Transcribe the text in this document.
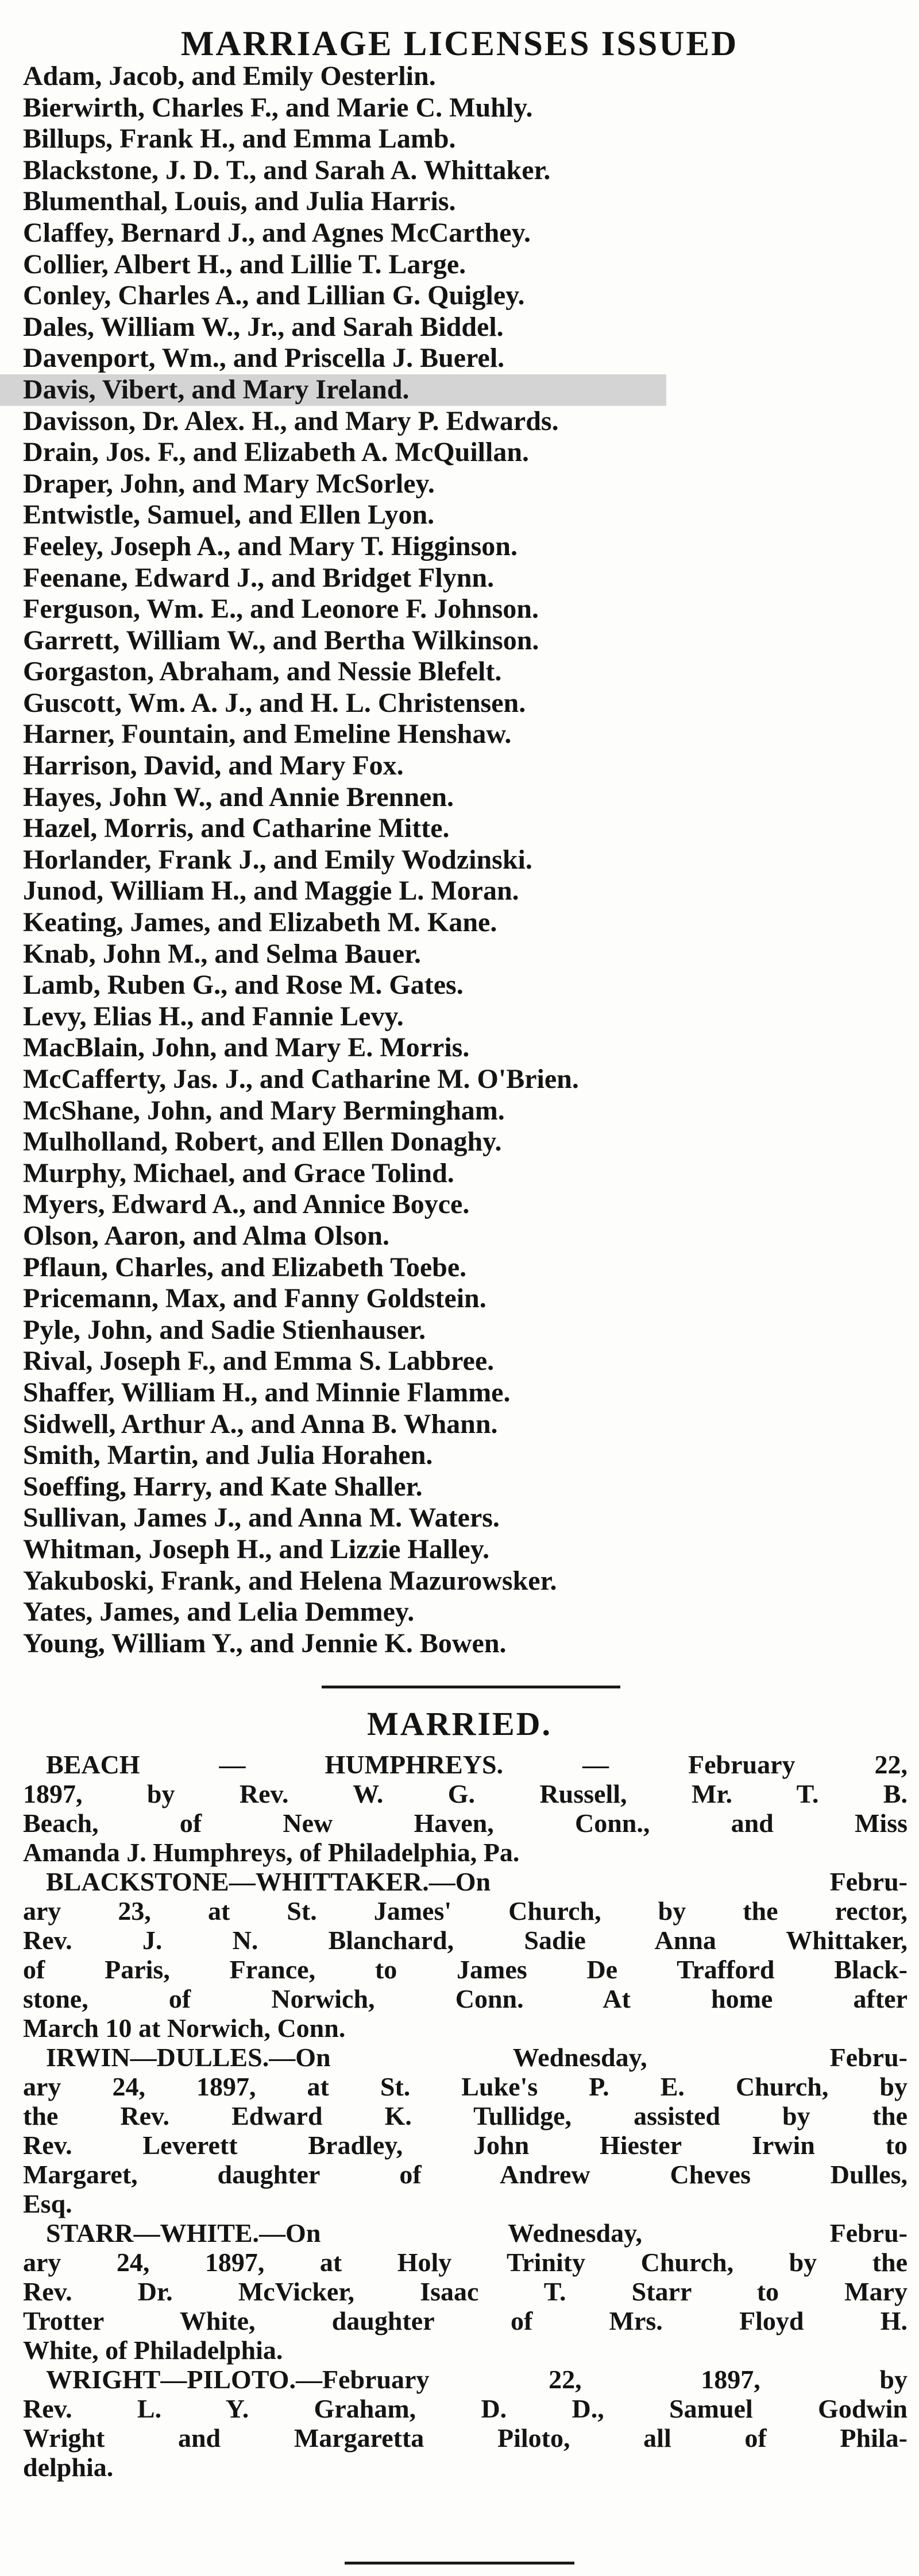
MARRIAGE LICENSES ISSUED
Adam, Jacob, and Emily Oesterlin.
Bierwirth, Charles F., and Marie C. Muhly.
Billups, Frank H., and Emma Lamb.
Blackstone, J. D. T., and Sarah A. Whittaker.
Blumenthal, Louis, and Julia Harris.
Claffey, Bernard J., and Agnes McCarthey.
Collier, Albert H., and Lillie T. Large.
Conley, Charles A., and Lillian G. Quigley.
Dales, William W., Jr., and Sarah Biddel.
Davenport, Wm., and Priscella J. Buerel.
Davis, Vibert, and Mary Ireland.
Davisson, Dr. Alex. H., and Mary P. Edwards.
Drain, Jos. F., and Elizabeth A. McQuillan.
Draper, John, and Mary McSorley.
Entwistle, Samuel, and Ellen Lyon.
Feeley, Joseph A., and Mary T. Higginson.
Feenane, Edward J., and Bridget Flynn.
Ferguson, Wm. E., and Leonore F. Johnson.
Garrett, William W., and Bertha Wilkinson.
Gorgaston, Abraham, and Nessie Blefelt.
Guscott, Wm. A. J., and H. L. Christensen.
Harner, Fountain, and Emeline Henshaw.
Harrison, David, and Mary Fox.
Hayes, John W., and Annie Brennen.
Hazel, Morris, and Catharine Mitte.
Horlander, Frank J., and Emily Wodzinski.
Junod, William H., and Maggie L. Moran.
Keating, James, and Elizabeth M. Kane.
Knab, John M., and Selma Bauer.
Lamb, Ruben G., and Rose M. Gates.
Levy, Elias H., and Fannie Levy.
MacBlain, John, and Mary E. Morris.
McCafferty, Jas. J., and Catharine M. O'Brien.
McShane, John, and Mary Bermingham.
Mulholland, Robert, and Ellen Donaghy.
Murphy, Michael, and Grace Tolind.
Myers, Edward A., and Annice Boyce.
Olson, Aaron, and Alma Olson.
Pflaun, Charles, and Elizabeth Toebe.
Pricemann, Max, and Fanny Goldstein.
Pyle, John, and Sadie Stienhauser.
Rival, Joseph F., and Emma S. Labbree.
Shaffer, William H., and Minnie Flamme.
Sidwell, Arthur A., and Anna B. Whann.
Smith, Martin, and Julia Horahen.
Soeffing, Harry, and Kate Shaller.
Sullivan, James J., and Anna M. Waters.
Whitman, Joseph H., and Lizzie Halley.
Yakuboski, Frank, and Helena Mazurowsker.
Yates, James, and Lelia Demmey.
Young, William Y., and Jennie K. Bowen.
MARRIED.
BEACH — HUMPHREYS. — February 22,
1897, by Rev. W. G. Russell, Mr. T. B.
Beach, of New Haven, Conn., and Miss
Amanda J. Humphreys, of Philadelphia, Pa.
BLACKSTONE—WHITTAKER.—On Febru-
ary 23, at St. James' Church, by the rector,
Rev. J. N. Blanchard, Sadie Anna Whittaker,
of Paris, France, to James De Trafford Black-
stone, of Norwich, Conn. At home after
March 10 at Norwich, Conn.
IRWIN—DULLES.—On Wednesday, Febru-
ary 24, 1897, at St. Luke's P. E. Church, by
the Rev. Edward K. Tullidge, assisted by the
Rev. Leverett Bradley, John Hiester Irwin to
Margaret, daughter of Andrew Cheves Dulles,
Esq.
STARR—WHITE.—On Wednesday, Febru-
ary 24, 1897, at Holy Trinity Church, by the
Rev. Dr. McVicker, Isaac T. Starr to Mary
Trotter White, daughter of Mrs. Floyd H.
White, of Philadelphia.
WRIGHT—PILOTO.—February 22, 1897, by
Rev. L. Y. Graham, D. D., Samuel Godwin
Wright and Margaretta Piloto, all of Phila-
delphia.
